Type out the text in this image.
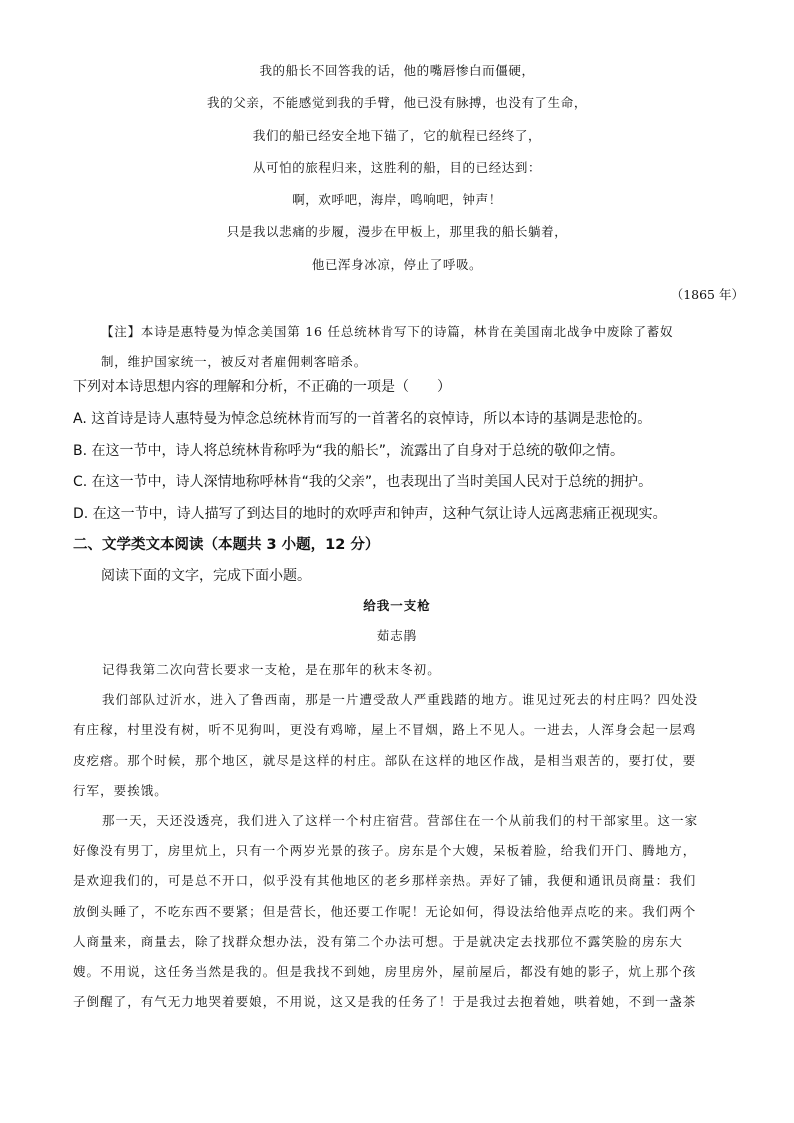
我的船长不回答我的话，他的嘴唇惨白而僵硬，
我的父亲，不能感觉到我的手臂，他已没有脉搏，也没有了生命，
我们的船已经安全地下锚了，它的航程已经终了，
从可怕的旅程归来，这胜利的船，目的已经达到：
啊，欢呼吧，海岸，鸣响吧，钟声！
只是我以悲痛的步履，漫步在甲板上，那里我的船长躺着，
他已浑身冰凉，停止了呼吸。
（1865 年）
【注】本诗是惠特曼为悼念美国第 16 任总统林肯写下的诗篇，林肯在美国南北战争中废除了蓄奴
制，维护国家统一，被反对者雇佣刺客暗杀。
下列对本诗思想内容的理解和分析，不正确的一项是（　　）
A. 这首诗是诗人惠特曼为悼念总统林肯而写的一首著名的哀悼诗，所以本诗的基调是悲怆的。
B. 在这一节中，诗人将总统林肯称呼为“我的船长”，流露出了自身对于总统的敬仰之情。
C. 在这一节中，诗人深情地称呼林肯“我的父亲”，也表现出了当时美国人民对于总统的拥护。
D. 在这一节中，诗人描写了到达目的地时的欢呼声和钟声，这种气氛让诗人远离悲痛正视现实。
二、文学类文本阅读（本题共 3 小题，12 分）
阅读下面的文字，完成下面小题。
给我一支枪
茹志鹃

记得我第二次向营长要求一支枪，是在那年的秋末冬初。

我们部队过沂水，进入了鲁西南，那是一片遭受敌人严重践踏的地方。谁见过死去的村庄吗？四处没
有庄稼，村里没有树，听不见狗叫，更没有鸡啼，屋上不冒烟，路上不见人。一进去，人浑身会起一层鸡
皮疙瘩。那个时候，那个地区，就尽是这样的村庄。部队在这样的地区作战，是相当艰苦的，要打仗，要
行军，要挨饿。

那一天，天还没透亮，我们进入了这样一个村庄宿营。营部住在一个从前我们的村干部家里。这一家
好像没有男丁，房里炕上，只有一个两岁光景的孩子。房东是个大嫂，呆板着脸，给我们开门、腾地方，
是欢迎我们的，可是总不开口，似乎没有其他地区的老乡那样亲热。弄好了铺，我便和通讯员商量：我们
放倒头睡了，不吃东西不要紧；但是营长，他还要工作呢！无论如何，得设法给他弄点吃的来。我们两个
人商量来，商量去，除了找群众想办法，没有第二个办法可想。于是就决定去找那位不露笑脸的房东大
嫂。不用说，这任务当然是我的。但是我找不到她，房里房外，屋前屋后，都没有她的影子，炕上那个孩
子倒醒了，有气无力地哭着要娘，不用说，这又是我的任务了！于是我过去抱着她，哄着她，不到一盏茶
